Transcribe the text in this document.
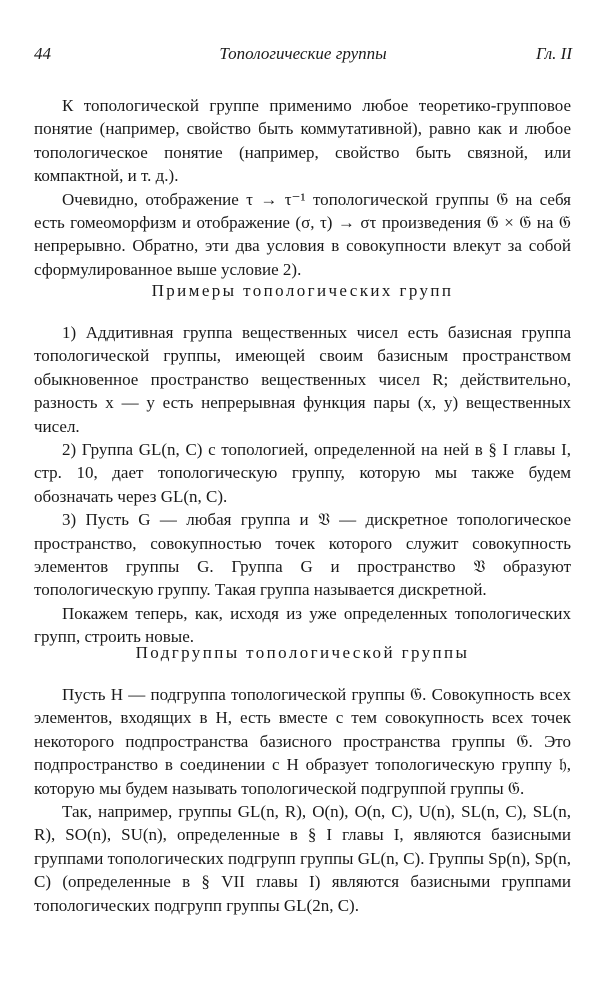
44	Топологические группы	Гл. II

К топологической группе применимо любое теоретико-групповое понятие (например, свойство быть коммутативной), равно как и любое топологическое понятие (например, свойство быть связной, или компактной, и т. д.).

Очевидно, отображение τ → τ⁻¹ топологической группы 𝔊 на себя есть гомеоморфизм и отображение (σ, τ) → στ произведения 𝔊 × 𝔊 на 𝔊 непрерывно. Обратно, эти два условия в совокупности влекут за собой сформулированное выше условие 2).

Примеры топологических групп

1) Аддитивная группа вещественных чисел есть базисная группа топологической группы, имеющей своим базисным пространством обыкновенное пространство вещественных чисел R; действительно, разность x — y есть непрерывная функция пары (x, y) вещественных чисел.

2) Группа GL(n, C) с топологией, определенной на ней в § I главы I, стр. 10, дает топологическую группу, которую мы также будем обозначать через GL(n, C).

3) Пусть G — любая группа и 𝔙 — дискретное топологическое пространство, совокупностью точек которого служит совокупность элементов группы G. Группа G и пространство 𝔙 образуют топологическую группу. Такая группа называется дискретной.

Покажем теперь, как, исходя из уже определенных топологических групп, строить новые.

Подгруппы топологической группы

Пусть H — подгруппа топологической группы 𝔊. Совокупность всех элементов, входящих в H, есть вместе с тем совокупность всех точек некоторого подпространства базисного пространства группы 𝔊. Это подпространство в соединении с H образует топологическую группу 𝔥, которую мы будем называть топологической подгруппой группы 𝔊.

Так, например, группы GL(n, R), O(n), O(n, C), U(n), SL(n, C), SL(n, R), SO(n), SU(n), определенные в § I главы I, являются базисными группами топологических подгрупп группы GL(n, C). Группы Sp(n), Sp(n, C) (определенные в § VII главы I) являются базисными группами топологических подгрупп группы GL(2n, C).
